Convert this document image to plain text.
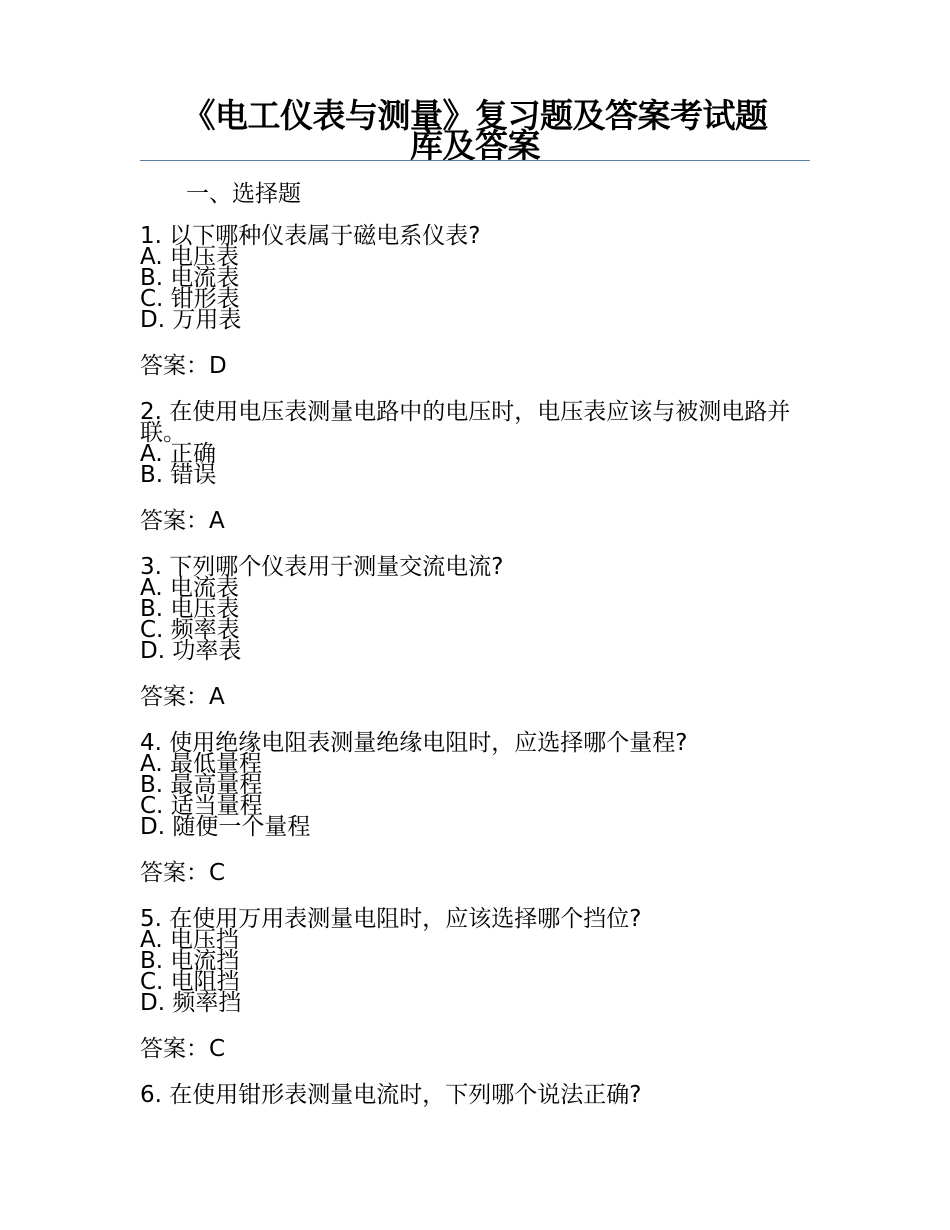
《电工仪表与测量》复习题及答案考试题
库及答案
一、选择题
1. 以下哪种仪表属于磁电系仪表?
A. 电压表
B. 电流表
C. 钳形表
D. 万用表
答案：D
2. 在使用电压表测量电路中的电压时，电压表应该与被测电路并联。
A. 正确
B. 错误
答案：A
3. 下列哪个仪表用于测量交流电流?
A. 电流表
B. 电压表
C. 频率表
D. 功率表
答案：A
4. 使用绝缘电阻表测量绝缘电阻时，应选择哪个量程?
A. 最低量程
B. 最高量程
C. 适当量程
D. 随便一个量程
答案：C
5. 在使用万用表测量电阻时，应该选择哪个挡位?
A. 电压挡
B. 电流挡
C. 电阻挡
D. 频率挡
答案：C
6. 在使用钳形表测量电流时，下列哪个说法正确?
